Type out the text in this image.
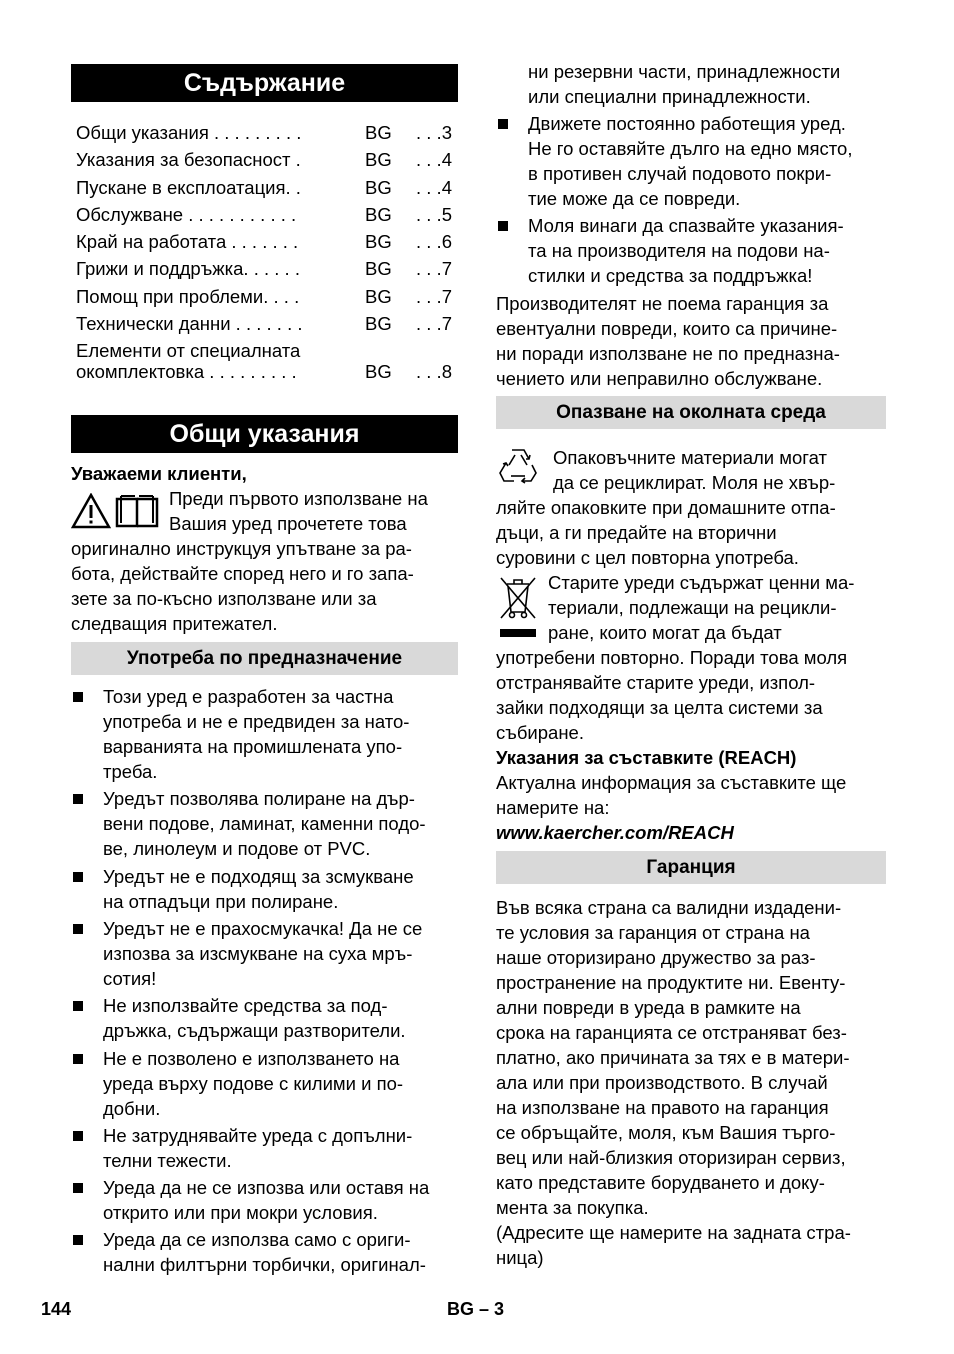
Съдържание
Общи указания . . . . . . . . .	BG . . .3
Указания за безопасност .	BG . . .4
Пускане в експлоатация. .	BG . . .4
Обслужване . . . . . . . . . . .	BG . . .5
Край на работата . . . . . . .	BG . . .6
Грижи и поддръжка. . . . . .	BG . . .7
Помощ при проблеми. . . .	BG . . .7
Технически данни . . . . . . .	BG . . .7
Елементи от специалната
окомплектовка . . . . . . . . .	BG . . .8
Общи указания
Уважаеми клиенти,
Преди първото използване на
Вашия уред прочетете това
оригинално инструкцуя упътване за ра-
бота, действайте според него и го запа-
зете за по-късно използване или за
следващия притежател.
Употреба по предназначение
Този уред е разработен за частна
употреба и не е предвиден за нато-
варванията на промишлената упо-
треба.
Уредът позволява полиране на дър-
вени подове, ламинат, каменни подо-
ве, линолеум и подове от PVC.
Уредът не е подходящ за зсмукване
на отпадъци при полиране.
Уредът не е прахосмукачка! Да не се
изпозва за изсмукване на суха мръ-
сотия!
Не използвайте средства за под-
дръжка, съдържащи разтворители.
Не е позволено е използването на
уреда върху подове с килими и по-
добни.
Не затруднявайте уреда с допълни-
телни тежести.
Уреда да не се изпозва или оставя на
открито или при мокри условия.
Уреда да се използва само с ориги-
нални филтърни торбички, оригинал-
ни резервни части, принадлежности
или специални принадлежности.
Движете постоянно работещия уред.
Не го оставяйте дълго на едно място,
в противен случай подовото покри-
тие може да се повреди.
Моля винаги да спазвайте указания-
та на производителя на подови на-
стилки и средства за поддръжка!
Производителят не поема гаранция за
евентуални повреди, които са причине-
ни поради използване не по предназна-
чението или неправилно обслужване.
Опазване на околната среда
Опаковъчните материали могат
да се рециклират. Моля не хвър-
ляйте опаковките при домашните отпа-
дъци, а ги предайте на вторични
суровини с цел повторна употреба.
Старите уреди съдържат ценни ма-
териали, подлежащи на рецикли-
ране, които могат да бъдат
употребени повторно. Поради това моля
отстранявайте старите уреди, изпол-
зайки подходящи за целта системи за
събиране.
Указания за съставките (REACH)
Актуална информация за съставките ще
намерите на:
www.kaercher.com/REACH
Гаранция
Във всяка страна са валидни издадени-
те условия за гаранция от страна на
наше оторизирано дружество за раз-
пространение на продуктите ни. Евенту-
ални повреди в уреда в рамките на
срока на гаранцията се отстраняват без-
платно, ако причината за тях е в матери-
ала или при производството. В случай
на използване на правото на гаранция
се обръщайте, моля, към Вашия търго-
вец или най-близкия оторизиран сервиз,
като представите борудването и доку-
мента за покупка.
(Адресите ще намерите на задната стра-
ница)
144	BG – 3
